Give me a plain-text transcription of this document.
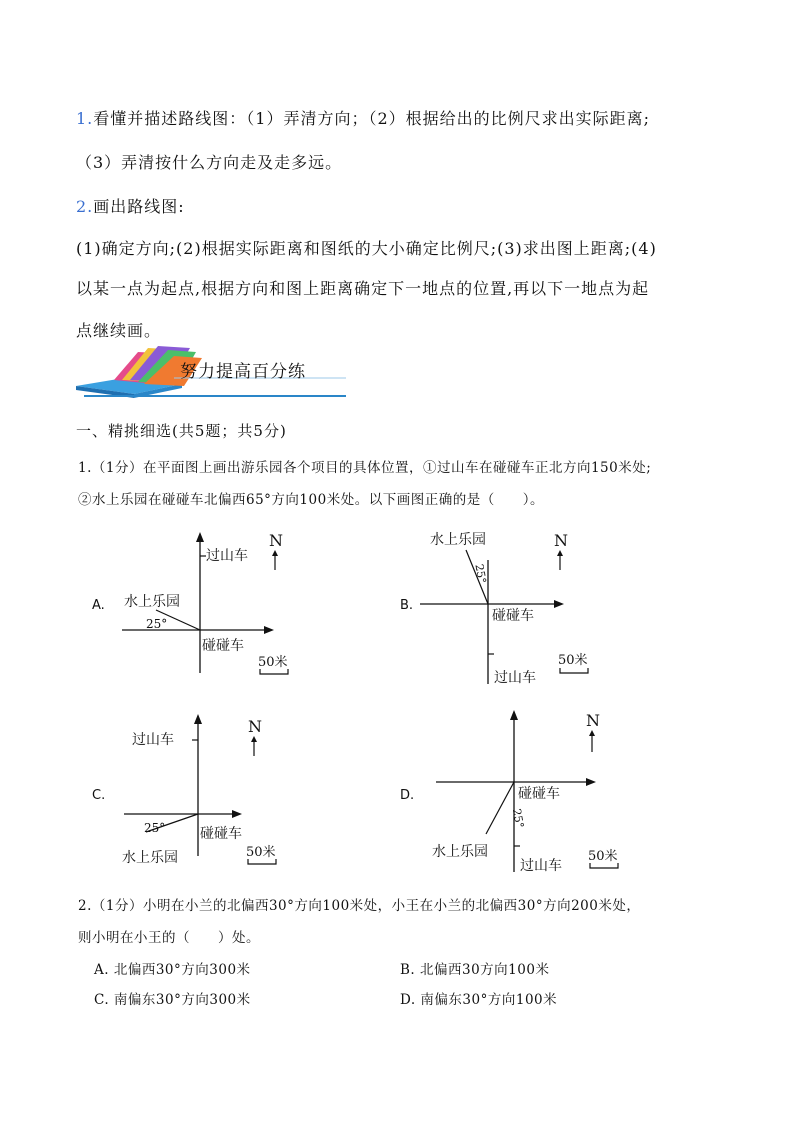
1.看懂并描述路线图：（1）弄清方向；（2）根据给出的比例尺求出实际距离;
（3）弄清按什么方向走及走多远。
2.画出路线图:
(1)确定方向;(2)根据实际距离和图纸的大小确定比例尺;(3)求出图上距离;(4)
以某一点为起点,根据方向和图上距离确定下一地点的位置,再以下一地点为起
点继续画。
努力提高百分练
一、精挑细选(共5题；共5分)
1.（1分）在平面图上画出游乐园各个项目的具体位置，①过山车在碰碰车正北方向150米处;
②水上乐园在碰碰车北偏西65°方向100米处。以下画图正确的是（　　）。
A.
过山车
水上乐园
25°
碰碰车
N
50米
B.
水上乐园
25°
碰碰车
过山车
N
50米
C.
过山车
25° 碰碰车
水上乐园
N
50米
D.	碰碰车
25°
水上乐园
过山车
N
50米
2.（1分）小明在小兰的北偏西30°方向100米处，小王在小兰的北偏西30°方向200米处，
则小明在小王的（　　）处。
A. 北偏西30°方向300米	B. 北偏西30方向100米
C. 南偏东30°方向300米	D. 南偏东30°方向100米
